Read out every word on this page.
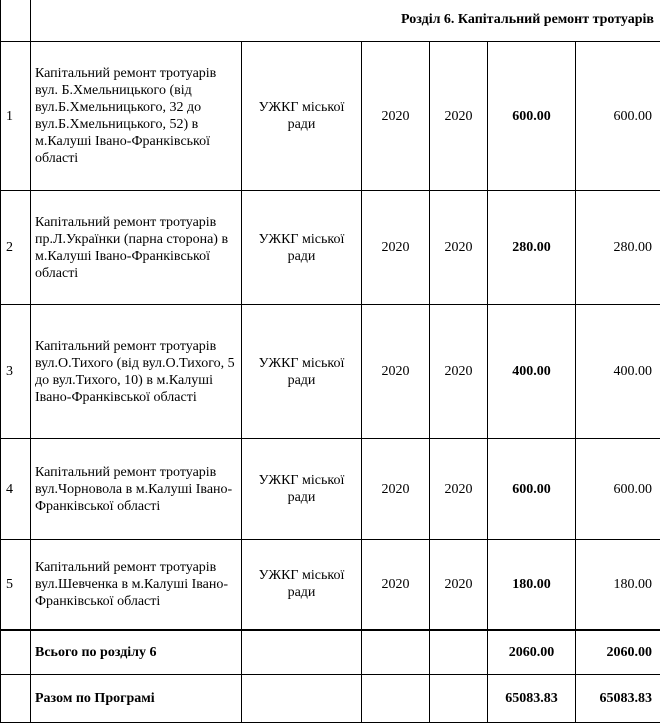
	Розділ 6. Капітальний ремонт тротуарів					
1	Капітальний ремонт тротуарів вул. Б.Хмельницького (від вул.Б.Хмельницького, 32 до вул.Б.Хмельницького, 52) в м.Калуші Івано-Франківської області	УЖКГ міської ради	2020	2020	600.00	600.00
2	Капітальний ремонт тротуарів пр.Л.Українки (парна сторона) в м.Калуші Івано-Франківської області	УЖКГ міської ради	2020	2020	280.00	280.00
3	Капітальний ремонт тротуарів вул.О.Тихого (від вул.О.Тихого, 5 до вул.Тихого, 10) в м.Калуші Івано-Франківської області	УЖКГ міської ради	2020	2020	400.00	400.00
4	Капітальний ремонт тротуарів вул.Чорновола в м.Калуші Івано-Франківської області	УЖКГ міської ради	2020	2020	600.00	600.00
5	Капітальний ремонт тротуарів вул.Шевченка в м.Калуші Івано-Франківської області	УЖКГ міської ради	2020	2020	180.00	180.00
	Всього по розділу 6				2060.00	2060.00
	Разом по Програмі				65083.83	65083.83
